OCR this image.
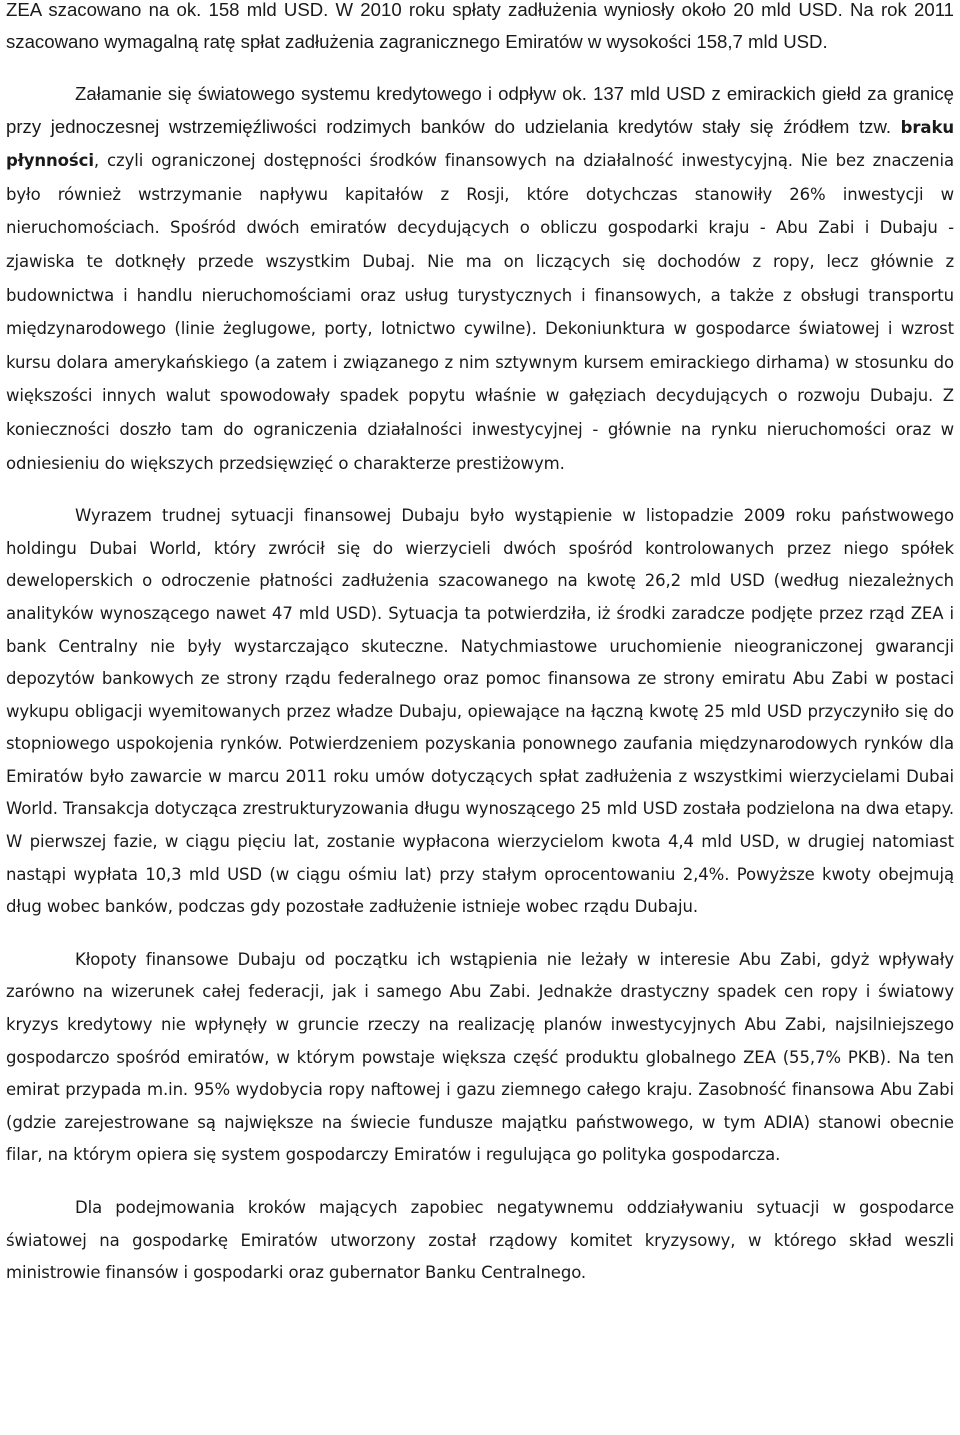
ZEA szacowano na ok. 158 mld USD. W 2010 roku spłaty zadłużenia wyniosły około 20 mld USD. Na rok 2011 szacowano wymagalną ratę spłat zadłużenia zagranicznego Emiratów w wysokości 158,7 mld USD.

Załamanie się światowego systemu kredytowego i odpływ ok. 137 mld USD z emirackich giełd za granicę przy jednoczesnej wstrzemięźliwości rodzimych banków do udzielania kredytów stały się źródłem tzw. braku płynności, czyli ograniczonej dostępności środków finansowych na działalność inwestycyjną. Nie bez znaczenia było również wstrzymanie napływu kapitałów z Rosji, które dotychczas stanowiły 26% inwestycji w nieruchomościach. Spośród dwóch emiratów decydujących o obliczu gospodarki kraju - Abu Zabi i Dubaju - zjawiska te dotknęły przede wszystkim Dubaj. Nie ma on liczących się dochodów z ropy, lecz głównie z budownictwa i handlu nieruchomościami oraz usług turystycznych i finansowych, a także z obsługi transportu międzynarodowego (linie żeglugowe, porty, lotnictwo cywilne). Dekoniunktura w gospodarce światowej i wzrost kursu dolara amerykańskiego (a zatem i związanego z nim sztywnym kursem emirackiego dirhama) w stosunku do większości innych walut spowodowały spadek popytu właśnie w gałęziach decydujących o rozwoju Dubaju. Z konieczności doszło tam do ograniczenia działalności inwestycyjnej - głównie na rynku nieruchomości oraz w odniesieniu do większych przedsięwzięć o charakterze prestiżowym.

Wyrazem trudnej sytuacji finansowej Dubaju było wystąpienie w listopadzie 2009 roku państwowego holdingu Dubai World, który zwrócił się do wierzycieli dwóch spośród kontrolowanych przez niego spółek deweloperskich o odroczenie płatności zadłużenia szacowanego na kwotę 26,2 mld USD (według niezależnych analityków wynoszącego nawet 47 mld USD). Sytuacja ta potwierdziła, iż środki zaradcze podjęte przez rząd ZEA i bank Centralny nie były wystarczająco skuteczne. Natychmiastowe uruchomienie nieograniczonej gwarancji depozytów bankowych ze strony rządu federalnego oraz pomoc finansowa ze strony emiratu Abu Zabi w postaci wykupu obligacji wyemitowanych przez władze Dubaju, opiewające na łączną kwotę 25 mld USD przyczyniło się do stopniowego uspokojenia rynków. Potwierdzeniem pozyskania ponownego zaufania międzynarodowych rynków dla Emiratów było zawarcie w marcu 2011 roku umów dotyczących spłat zadłużenia z wszystkimi wierzycielami Dubai World. Transakcja dotycząca zrestrukturyzowania długu wynoszącego 25 mld USD została podzielona na dwa etapy. W pierwszej fazie, w ciągu pięciu lat, zostanie wypłacona wierzycielom kwota 4,4 mld USD, w drugiej natomiast nastąpi wypłata 10,3 mld USD (w ciągu ośmiu lat) przy stałym oprocentowaniu 2,4%. Powyższe kwoty obejmują dług wobec banków, podczas gdy pozostałe zadłużenie istnieje wobec rządu Dubaju.

Kłopoty finansowe Dubaju od początku ich wstąpienia nie leżały w interesie Abu Zabi, gdyż wpływały zarówno na wizerunek całej federacji, jak i samego Abu Zabi. Jednakże drastyczny spadek cen ropy i światowy kryzys kredytowy nie wpłynęły w gruncie rzeczy na realizację planów inwestycyjnych Abu Zabi, najsilniejszego gospodarczo spośród emiratów, w którym powstaje większa część produktu globalnego ZEA (55,7% PKB). Na ten emirat przypada m.in. 95% wydobycia ropy naftowej i gazu ziemnego całego kraju. Zasobność finansowa Abu Zabi (gdzie zarejestrowane są największe na świecie fundusze majątku państwowego, w tym ADIA) stanowi obecnie filar, na którym opiera się system gospodarczy Emiratów i regulująca go polityka gospodarcza.

Dla podejmowania kroków mających zapobiec negatywnemu oddziaływaniu sytuacji w gospodarce światowej na gospodarkę Emiratów utworzony został rządowy komitet kryzysowy, w którego skład weszli ministrowie finansów i gospodarki oraz gubernator Banku Centralnego.
